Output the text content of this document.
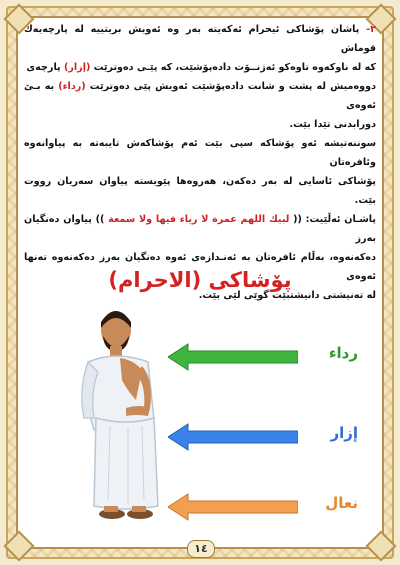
٢- پاشان پۆشاكی ئیحرام ئەكەیتە بەر وە ئەویش بریتییە لە پارچەیەك قوماش
كە لە ناوكەوە تاوەكو ئەژنــۆت دادەپۆشێت، كە پێـی دەوترێت (إزار) پارچەی
دووەمیش لە پشت و شانت دادەپۆشێت ئەویش پێی دەوترێت (رداء) بە بـێ ئەوەی
دورابدنی تێدا بێت.

سوننەتیشە ئەو پۆشاكە سپی بێت ئەم پۆشاكەش تایبەتە بە پیاوانەوە وئافرەتان
پۆشاكی ئاسایی لە بەر دەكەن، هەروەها پێویستە پیاوان سەریان رووت بێت.

پاشـان ئەڵێیت: (( لبيك اللهم عمرة لا رياء فيها ولا سمعة )) پیاوان دەنگیان بەرز
دەكەنەوە، بەڵام ئافرەتان بە ئەنـدازەی ئەوە دەنگیان بەرز دەكەنەوە تەنها ئەوەی
لە تەنیشتی دانیشتبێت گوێی لێی بێت.

پۆشاكی (الاحرام)
رداء
إزار
نعال
١٤
